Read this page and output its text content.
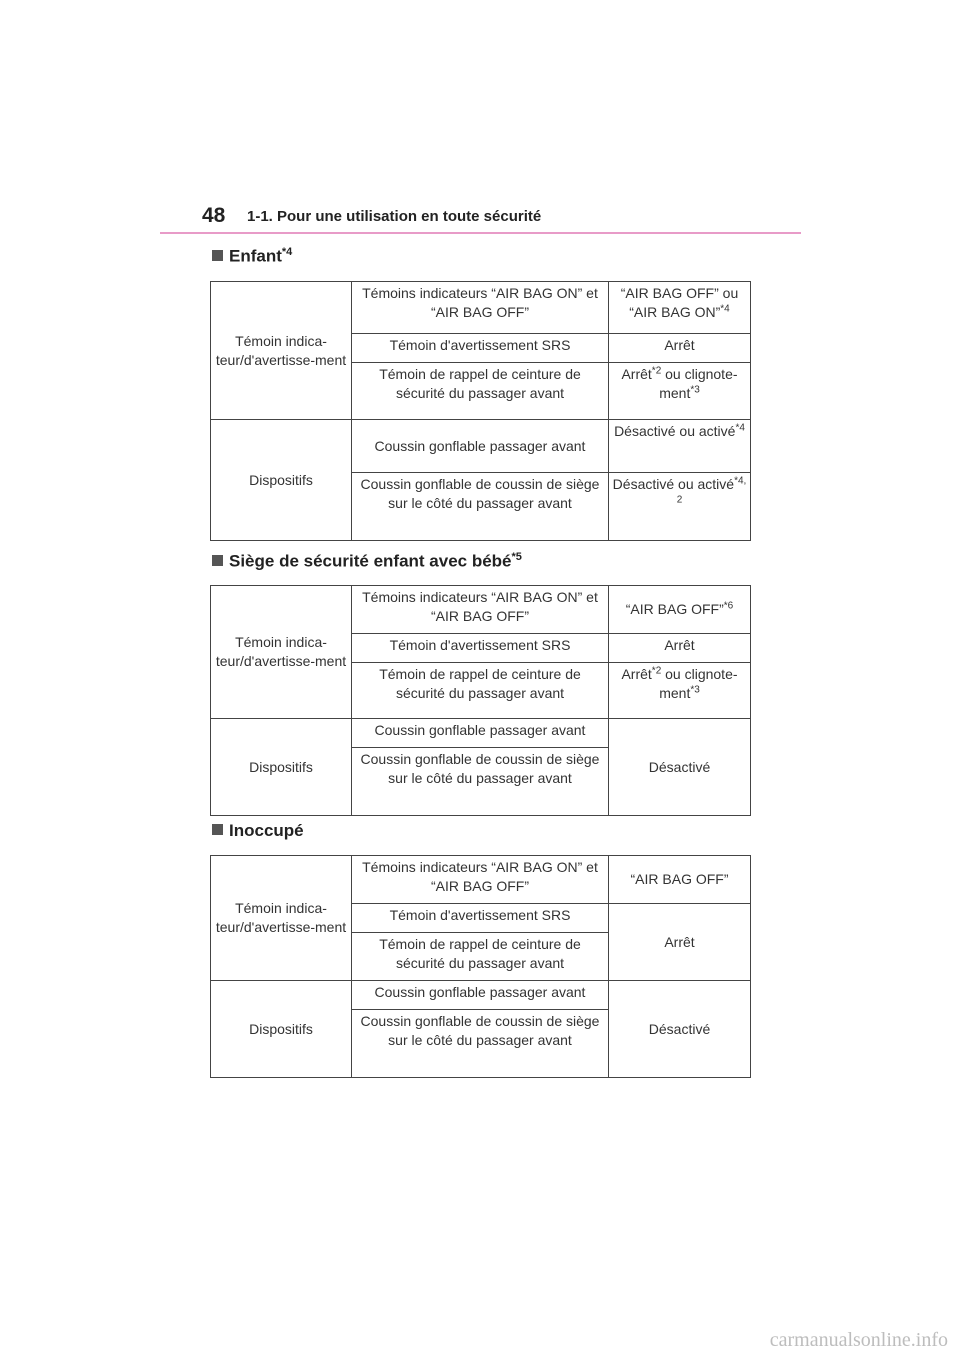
48 1-1. Pour une utilisation en toute sécurité
Enfant$^{*4}$
Témoin indica-teur/d'avertisse-ment	Témoins indicateurs “AIR BAG ON” et “AIR BAG OFF”	“AIR BAG OFF” ou “AIR BAG ON”$^{*4}$
	Témoin d'avertissement SRS	Arrêt
	Témoin de rappel de ceinture de sécurité du passager avant	Arrêt$^{*2}$ ou clignote-ment$^{*3}$
Dispositifs	Coussin gonflable passager avant	Désactivé ou activé$^{*4}$
	Coussin gonflable de coussin de siège sur le côté du passager avant	Désactivé ou activé$^{*4, 2}$
Siège de sécurité enfant avec bébé$^{*5}$
Témoin indica-teur/d'avertisse-ment	Témoins indicateurs “AIR BAG ON” et “AIR BAG OFF”	“AIR BAG OFF”$^{*6}$
	Témoin d'avertissement SRS	Arrêt
	Témoin de rappel de ceinture de sécurité du passager avant	Arrêt$^{*2}$ ou clignote-ment$^{*3}$
Dispositifs	Coussin gonflable passager avant	Désactivé
	Coussin gonflable de coussin de siège sur le côté du passager avant	
Inoccupé
Témoin indica-teur/d'avertisse-ment	Témoins indicateurs “AIR BAG ON” et “AIR BAG OFF”	“AIR BAG OFF”
	Témoin d'avertissement SRS	Arrêt
	Témoin de rappel de ceinture de sécurité du passager avant	
Dispositifs	Coussin gonflable passager avant	Désactivé
	Coussin gonflable de coussin de siège sur le côté du passager avant	
carmanualsonline.info
